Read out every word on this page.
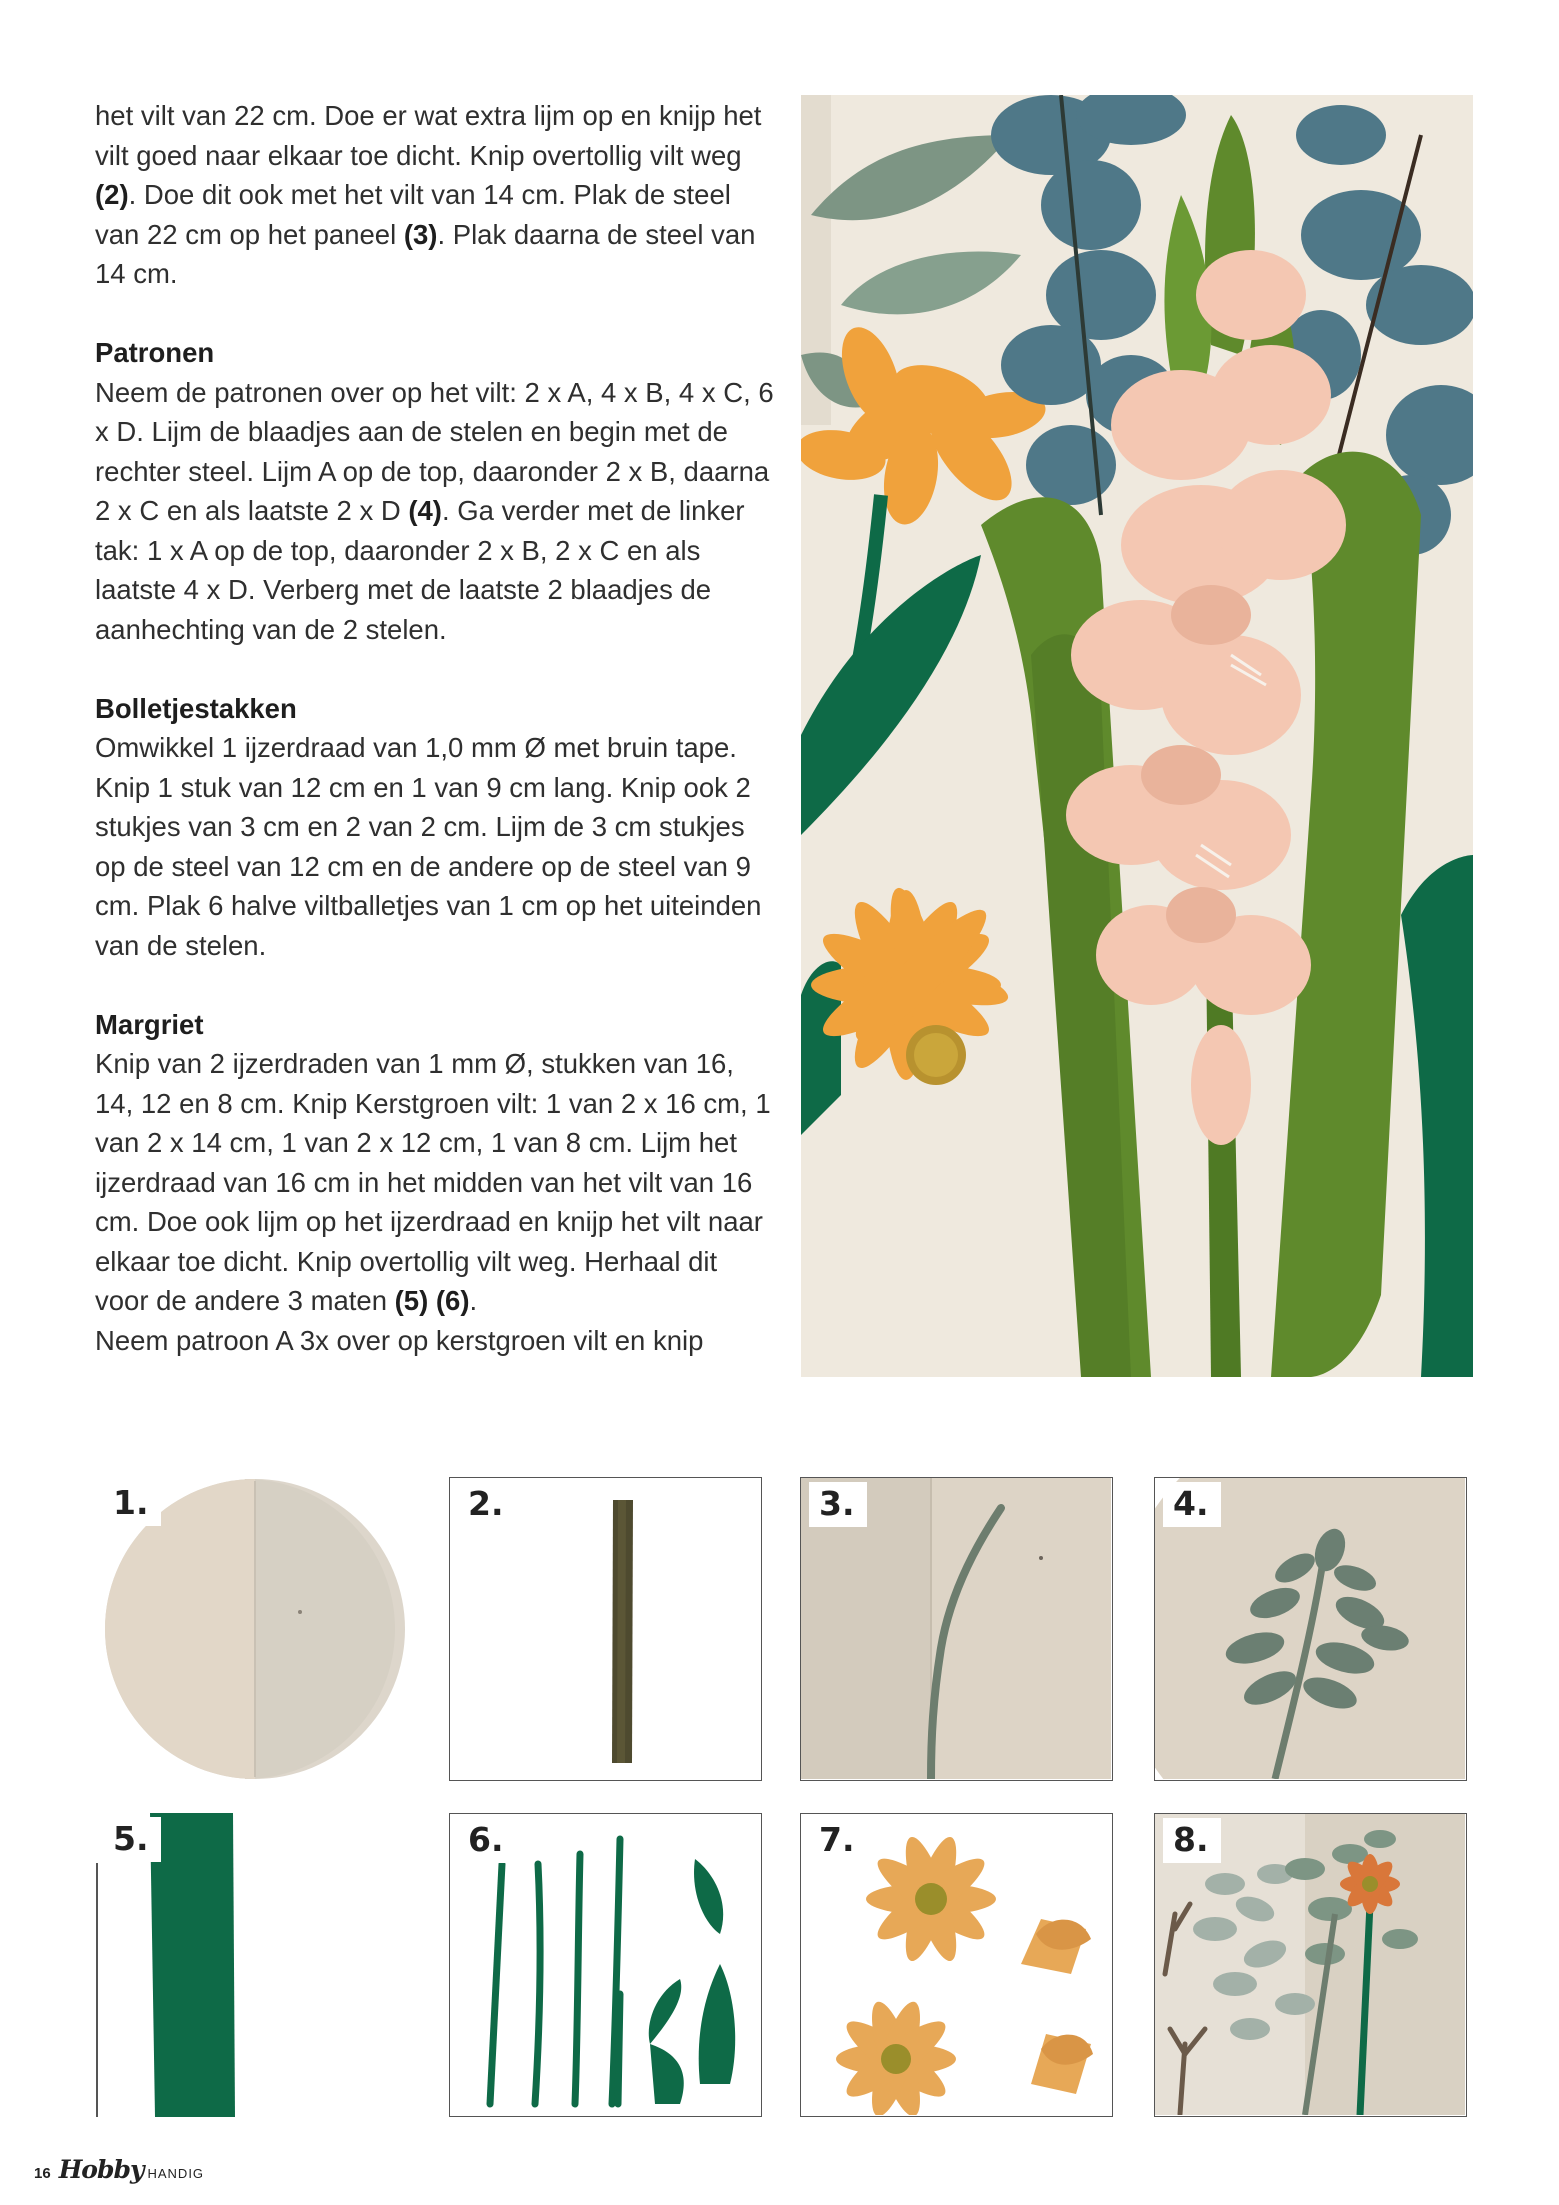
het vilt van 22 cm. Doe er wat extra lijm op en knijp het vilt goed naar elkaar toe dicht. Knip overtollig vilt weg (2). Doe dit ook met het vilt van 14 cm. Plak de steel van 22 cm op het paneel (3). Plak daarna de steel van 14 cm.

Patronen
Neem de patronen over op het vilt: 2 x A, 4 x B, 4 x C, 6 x D. Lijm de blaadjes aan de stelen en begin met de rechter steel. Lijm A op de top, daaronder 2 x B, daarna 2 x C en als laatste 2 x D (4). Ga verder met de linker tak: 1 x A op de top, daaronder 2 x B, 2 x C en als laatste 4 x D. Verberg met de laatste 2 blaadjes de aanhechting van de 2 stelen.

Bolletjestakken
Omwikkel 1 ijzerdraad van 1,0 mm Ø met bruin tape. Knip 1 stuk van 12 cm en 1 van 9 cm lang. Knip ook 2 stukjes van 3 cm en 2 van 2 cm. Lijm de 3 cm stukjes op de steel van 12 cm en de andere op de steel van 9 cm. Plak 6 halve viltballetjes van 1 cm op het uiteinden van de stelen.

Margriet
Knip van 2 ijzerdraden van 1 mm Ø, stukken van 16, 14, 12 en 8 cm. Knip Kerstgroen vilt: 1 van 2 x 16 cm, 1 van 2 x 14 cm, 1 van 2 x 12 cm, 1 van 8 cm. Lijm het ijzerdraad van 16 cm in het midden van het vilt van 16 cm. Doe ook lijm op het ijzerdraad en knijp het vilt naar elkaar toe dicht. Knip overtollig vilt weg. Herhaal dit voor de andere 3 maten (5) (6).
Neem patroon A 3x over op kerstgroen vilt en knip

1.	2.	3.	4.
5.	6.	7.	8.
16 Hobby HANDIG
